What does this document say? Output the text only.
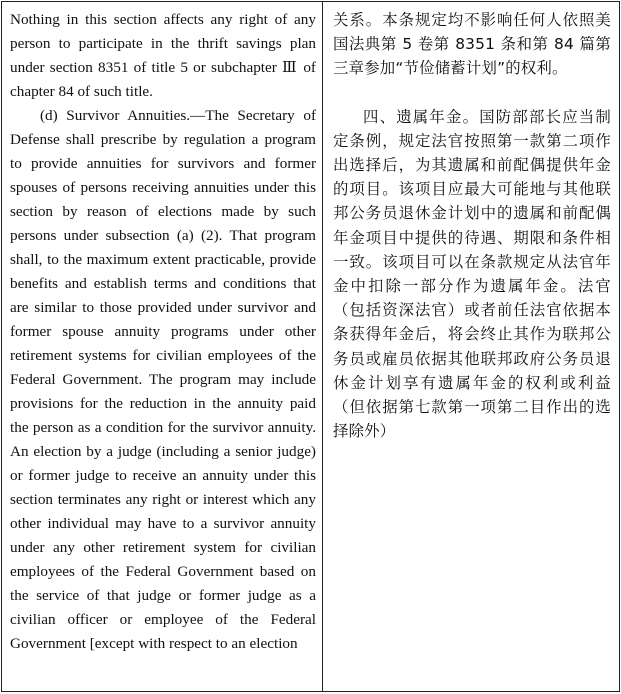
Nothing in this section affects any right of any person to participate in the thrift savings plan under section 8351 of title 5 or subchapter Ⅲ of chapter 84 of such title.

(d) Survivor Annuities.—The Secretary of Defense shall prescribe by regulation a program to provide annuities for survivors and former spouses of persons receiving annuities under this section by reason of elections made by such persons under subsection (a) (2). That program shall, to the maximum extent practicable, provide benefits and establish terms and conditions that are similar to those provided under survivor and former spouse annuity programs under other retirement systems for civilian employees of the Federal Government. The program may include provisions for the reduction in the annuity paid the person as a condition for the survivor annuity. An election by a judge (including a senior judge) or former judge to receive an annuity under this section terminates any right or interest which any other individual may have to a survivor annuity under any other retirement system for civilian employees of the Federal Government based on the service of that judge or former judge as a civilian officer or employee of the Federal Government [except with respect to an election

关系。本条规定均不影响任何人依照美国法典第 5 卷第 8351 条和第 84 篇第三章参加“节俭储蓄计划”的权利。

四、遗属年金。国防部部长应当制定条例，规定法官按照第一款第二项作出选择后，为其遗属和前配偶提供年金的项目。该项目应最大可能地与其他联邦公务员退休金计划中的遗属和前配偶年金项目中提供的待遇、期限和条件相一致。该项目可以在条款规定从法官年金中扣除一部分作为遗属年金。法官（包括资深法官）或者前任法官依据本条获得年金后，将会终止其作为联邦公务员或雇员依据其他联邦政府公务员退休金计划享有遗属年金的权利或利益（但依据第七款第一项第二目作出的选择除外）
